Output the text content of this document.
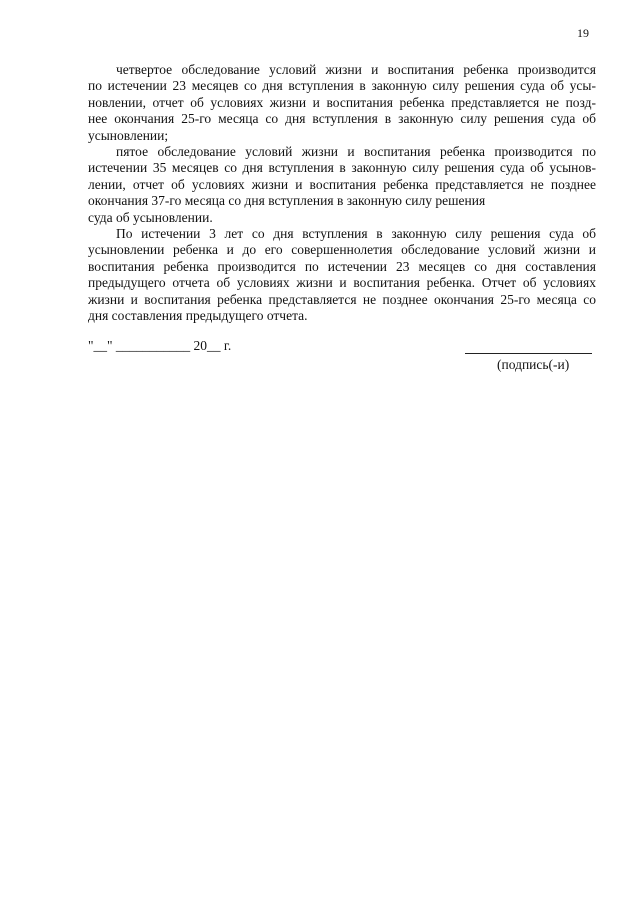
19
четвертое обследование условий жизни и воспитания ребенка производится
по истечении 23 месяцев со дня вступления в законную силу решения суда об усы-
новлении, отчет об условиях жизни и воспитания ребенка представляется не позд-
нее окончания 25-го месяца со дня вступления в законную силу решения суда об
усыновлении;
пятое обследование условий жизни и воспитания ребенка производится по
истечении 35 месяцев со дня вступления в законную силу решения суда об усынов-
лении, отчет об условиях жизни и воспитания ребенка представляется не позднее
окончания 37-го месяца со дня вступления в законную силу решения
суда об усыновлении.
По истечении 3 лет со дня вступления в законную силу решения суда об
усыновлении ребенка и до его совершеннолетия обследование условий жизни и
воспитания ребенка производится по истечении 23 месяцев со дня составления
предыдущего отчета об условиях жизни и воспитания ребенка. Отчет об условиях
жизни и воспитания ребенка представляется не позднее окончания 25-го месяца со
дня составления предыдущего отчета.
"__" ___________ 20__ г.
(подпись(-и)
